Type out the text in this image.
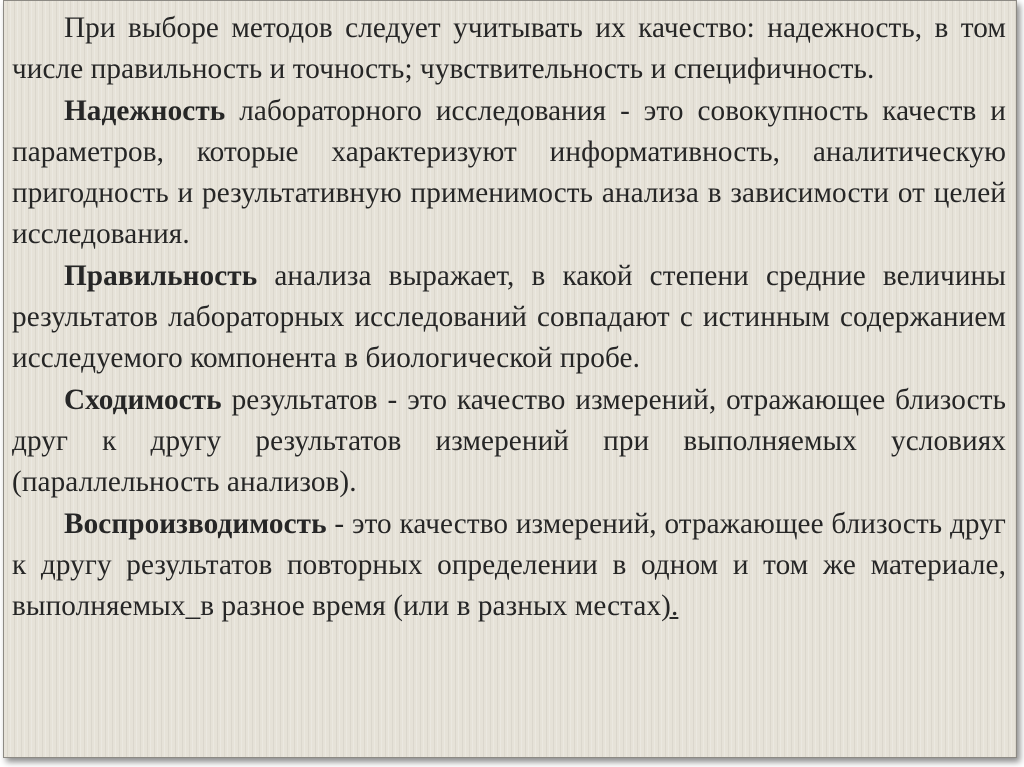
При выборе методов следует учитывать их качество: надежность, в том числе правильность и точность; чувствительность и специфичность.

Надежность лабораторного исследования - это совокупность качеств и параметров, которые характеризуют информативность, аналитическую пригодность и результативную применимость анализа в зависимости от целей исследования.

Правильность анализа выражает, в какой степени средние величины результатов лабораторных исследований совпадают с истинным содержанием исследуемого компонента в биологической пробе.

Сходимость результатов - это качество измерений, отражающее близость друг к другу результатов измерений при выполняемых условиях (параллельность анализов).

Воспроизводимость - это качество измерений, отражающее близость друг к другу результатов повторных определении в одном и том же материале, выполняемых_в разное время (или в разных местах).
